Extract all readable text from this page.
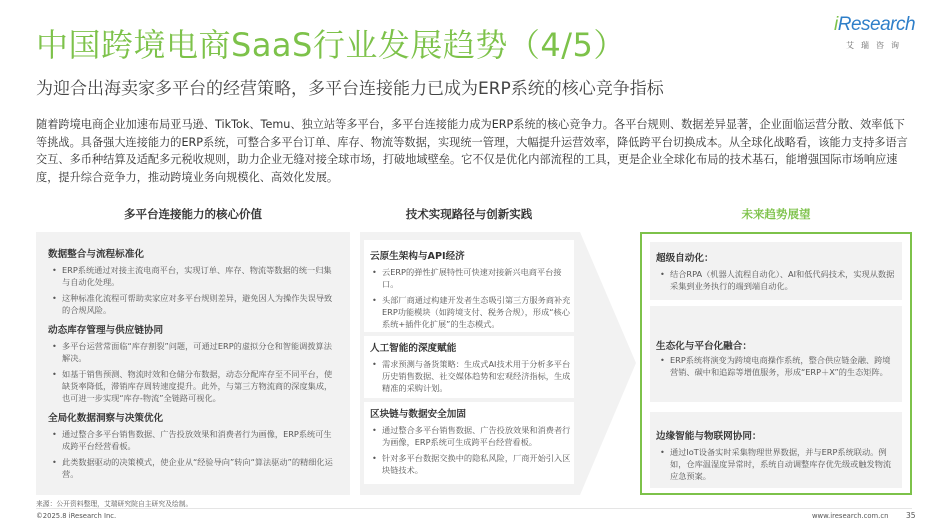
中国跨境电商SaaS行业发展趋势（4/5）
为迎合出海卖家多平台的经营策略，多平台连接能力已成为ERP系统的核心竞争指标
iResearch
艾瑞咨询
随着跨境电商企业加速布局亚马逊、TikTok、Temu、独立站等多平台，多平台连接能力成为ERP系统的核心竞争力。各平台规则、数据差异显著，企业面临运营分散、效率低下等挑战。具备强大连接能力的ERP系统，可整合多平台订单、库存、物流等数据，实现统一管理，大幅提升运营效率，降低跨平台切换成本。从全球化战略看，该能力支持多语言交互、多币种结算及适配多元税收规则，助力企业无缝对接全球市场，打破地域壁垒。它不仅是优化内部流程的工具，更是企业全球化布局的技术基石，能增强国际市场响应速度，提升综合竞争力，推动跨境业务向规模化、高效化发展。
多平台连接能力的核心价值	技术实现路径与创新实践	未来趋势展望
数据整合与流程标准化
• ERP系统通过对接主流电商平台，实现订单、库存、物流等数据的统一归集与自动化处理。
• 这种标准化流程可帮助卖家应对多平台规则差异，避免因人为操作失误导致的合规风险。
动态库存管理与供应链协同
• 多平台运营常面临“库存割裂”问题，可通过ERP的虚拟分仓和智能调拨算法解决。
• 如基于销售预测、物流时效和仓储分布数据，动态分配库存至不同平台，使缺货率降低，滞销库存周转速度提升。此外，与第三方物流商的深度集成，也可进一步实现“库存-物流”全链路可视化。
全局化数据洞察与决策优化
• 通过整合多平台销售数据、广告投放效果和消费者行为画像，ERP系统可生成跨平台经营看板。
• 此类数据驱动的决策模式，使企业从“经验导向”转向“算法驱动”的精细化运营。
云原生架构与API经济
• 云ERP的弹性扩展特性可快速对接新兴电商平台接口。
• 头部厂商通过构建开发者生态吸引第三方服务商补充ERP功能模块（如跨境支付、税务合规），形成“核心系统+插件化扩展”的生态模式。
人工智能的深度赋能
• 需求预测与备货策略：生成式AI技术用于分析多平台历史销售数据、社交媒体趋势和宏观经济指标，生成精准的采购计划。
区块链与数据安全加固
• 通过整合多平台销售数据、广告投放效果和消费者行为画像，ERP系统可生成跨平台经营看板。
• 针对多平台数据交换中的隐私风险，厂商开始引入区块链技术。
超级自动化：
• 结合RPA（机器人流程自动化）、AI和低代码技术，实现从数据采集到业务执行的端到端自动化。
生态化与平台化融合：
• ERP系统将演变为跨境电商操作系统，整合供应链金融、跨境营销、碳中和追踪等增值服务，形成“ERP＋X”的生态矩阵。
边缘智能与物联网协同：
• 通过IoT设备实时采集物理世界数据，并与ERP系统联动。例如，仓库温湿度异常时，系统自动调整库存优先级或触发物流应急预案。
来源：公开资料整理，艾瑞研究院自主研究及绘制。
©2025.8 iResearch Inc.	www.iresearch.com.cn 35
